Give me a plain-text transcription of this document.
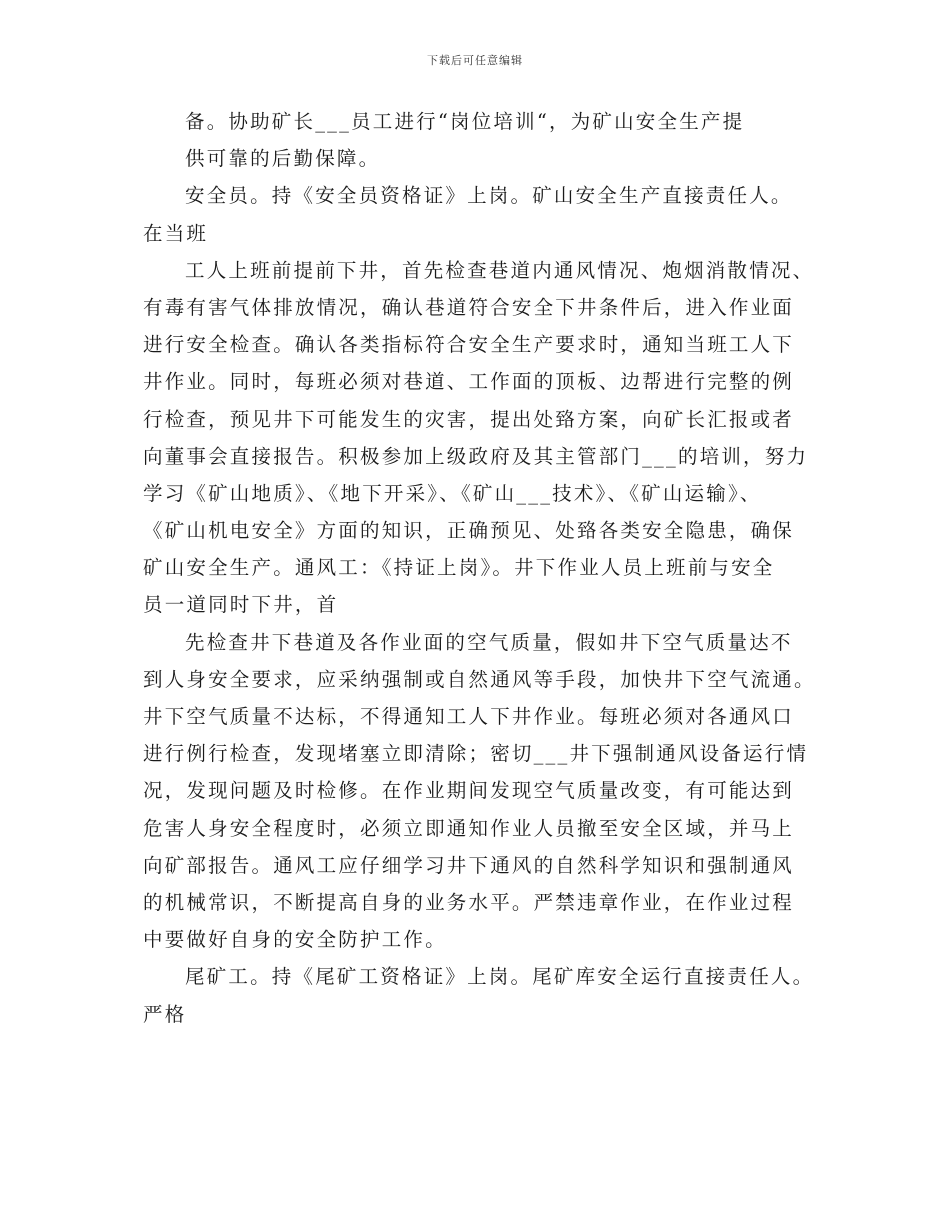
下载后可任意编辑
备。协助矿长___员工进行“岗位培训“，为矿山安全生产提
供可靠的后勤保障。
安全员。持《安全员资格证》上岗。矿山安全生产直接责任人。
在当班
工人上班前提前下井，首先检查巷道内通风情况、炮烟消散情况、
有毒有害气体排放情况，确认巷道符合安全下井条件后，进入作业面
进行安全检查。确认各类指标符合安全生产要求时，通知当班工人下
井作业。同时，每班必须对巷道、工作面的顶板、边帮进行完整的例
行检查，预见井下可能发生的灾害，提出处臵方案，向矿长汇报或者
向董事会直接报告。积极参加上级政府及其主管部门___的培训，努力
学习《矿山地质》、《地下开采》、《矿山___技术》、《矿山运输》、
《矿山机电安全》方面的知识，正确预见、处臵各类安全隐患，确保
矿山安全生产。通风工：《持证上岗》。井下作业人员上班前与安全
员一道同时下井，首
先检查井下巷道及各作业面的空气质量，假如井下空气质量达不
到人身安全要求，应采纳强制或自然通风等手段，加快井下空气流通。
井下空气质量不达标，不得通知工人下井作业。每班必须对各通风口
进行例行检查，发现堵塞立即清除；密切___井下强制通风设备运行情
况，发现问题及时检修。在作业期间发现空气质量改变，有可能达到
危害人身安全程度时，必须立即通知作业人员撤至安全区域，并马上
向矿部报告。通风工应仔细学习井下通风的自然科学知识和强制通风
的机械常识，不断提高自身的业务水平。严禁违章作业，在作业过程
中要做好自身的安全防护工作。
尾矿工。持《尾矿工资格证》上岗。尾矿库安全运行直接责任人。
严格
